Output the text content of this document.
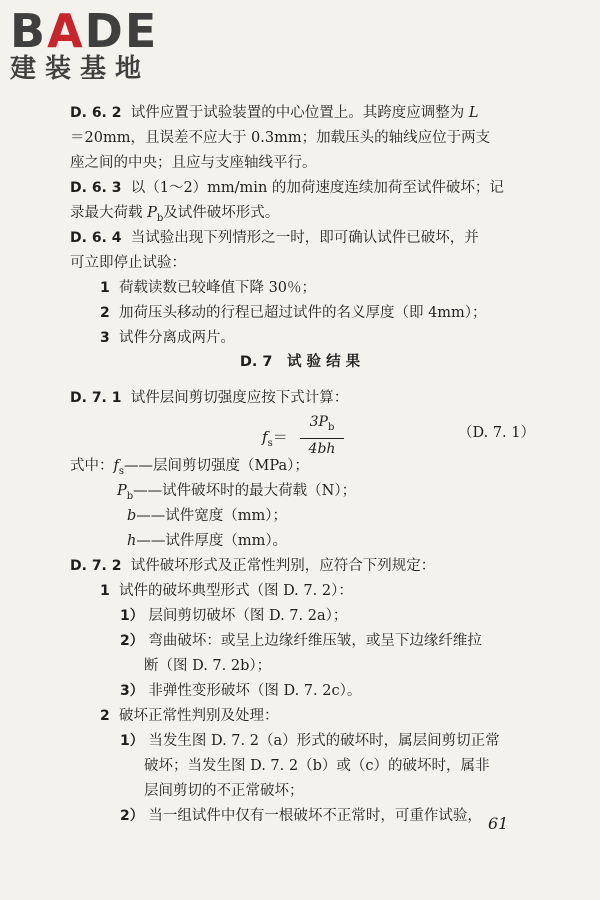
BADE
建装基地
D. 6. 2 试件应置于试验装置的中心位置上。其跨度应调整为 L
＝20mm，且误差不应大于 0.3mm；加载压头的轴线应位于两支
座之间的中央；且应与支座轴线平行。
D. 6. 3 以（1～2）mm/min 的加荷速度连续加荷至试件破坏；记
录最大荷载 $P_b$及试件破坏形式。
D. 6. 4 当试验出现下列情形之一时，即可确认试件已破坏，并
可立即停止试验：
1 荷载读数已较峰值下降 30％；
2 加荷压头移动的行程已超过试件的名义厚度（即 4mm）；
3 试件分离成两片。
D. 7　试 验 结 果
D. 7. 1 试件层间剪切强度应按下式计算：
$f_s=$
$3P_b$
4bh
（D. 7. 1）
式中：$f_s——$层间剪切强度（MPa）；
$P_b——$试件破坏时的最大荷载（N）；
b——试件宽度（mm）；
h——试件厚度（mm）。
D. 7. 2 试件破坏形式及正常性判别，应符合下列规定：
1 试件的破坏典型形式（图 D. 7. 2）：
1） 层间剪切破坏（图 D. 7. 2a）；
2） 弯曲破坏：或呈上边缘纤维压皱，或呈下边缘纤维拉
断（图 D. 7. 2b）；
3） 非弹性变形破坏（图 D. 7. 2c）。
2 破坏正常性判别及处理：
1） 当发生图 D. 7. 2（a）形式的破坏时，属层间剪切正常
破坏；当发生图 D. 7. 2（b）或（c）的破坏时，属非
层间剪切的不正常破坏；
2） 当一组试件中仅有一根破坏不正常时，可重作试验， 61
